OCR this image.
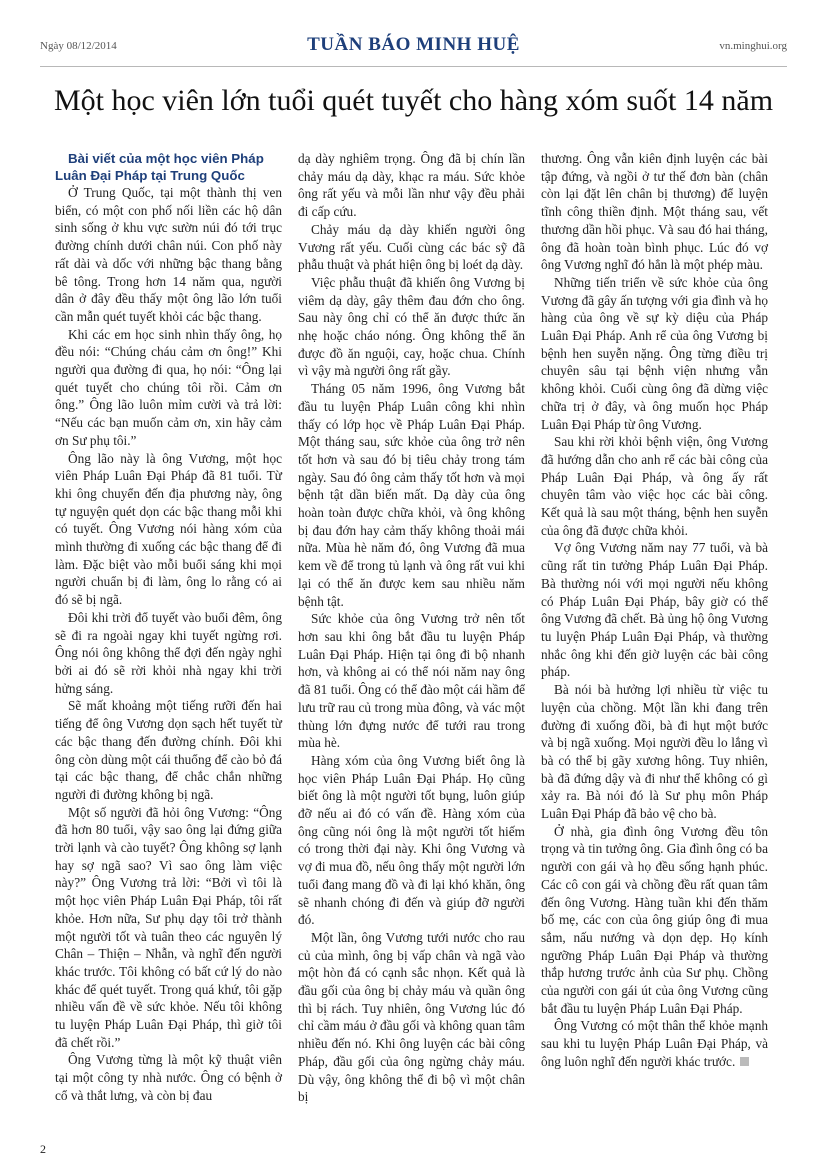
Ngày 08/12/2014	TUẦN BÁO MINH HUỆ	vn.minghui.org
Một học viên lớn tuổi quét tuyết cho hàng xóm suốt 14 năm

Bài viết của một học viên Pháp Luân Đại Pháp tại Trung Quốc

Ở Trung Quốc, tại một thành thị ven biển, có một con phố nối liền các hộ dân sinh sống ở khu vực sườn núi đó tới trục đường chính dưới chân núi. Con phố này rất dài và dốc với những bậc thang bằng bê tông. Trong hơn 14 năm qua, người dân ở đây đều thấy một ông lão lớn tuổi cần mẫn quét tuyết khỏi các bậc thang.

Khi các em học sinh nhìn thấy ông, họ đều nói: “Chúng cháu cảm ơn ông!” Khi người qua đường đi qua, họ nói: “Ông lại quét tuyết cho chúng tôi rồi. Cảm ơn ông.” Ông lão luôn mỉm cười và trả lời: “Nếu các bạn muốn cảm ơn, xin hãy cảm ơn Sư phụ tôi.”

Ông lão này là ông Vương, một học viên Pháp Luân Đại Pháp đã 81 tuổi. Từ khi ông chuyển đến địa phương này, ông tự nguyện quét dọn các bậc thang mỗi khi có tuyết. Ông Vương nói hàng xóm của mình thường đi xuống các bậc thang để đi làm. Đặc biệt vào mỗi buổi sáng khi mọi người chuẩn bị đi làm, ông lo rằng có ai đó sẽ bị ngã.

Đôi khi trời đổ tuyết vào buổi đêm, ông sẽ đi ra ngoài ngay khi tuyết ngừng rơi. Ông nói ông không thể đợi đến ngày nghỉ bởi ai đó sẽ rời khỏi nhà ngay khi trời hửng sáng.

Sẽ mất khoảng một tiếng rưỡi đến hai tiếng để ông Vương dọn sạch hết tuyết từ các bậc thang đến đường chính. Đôi khi ông còn dùng một cái thuổng để cào bỏ đá tại các bậc thang, để chắc chắn những người đi đường không bị ngã.

Một số người đã hỏi ông Vương: “Ông đã hơn 80 tuổi, vậy sao ông lại đứng giữa trời lạnh và cào tuyết? Ông không sợ lạnh hay sợ ngã sao? Vì sao ông làm việc này?” Ông Vương trả lời: “Bởi vì tôi là một học viên Pháp Luân Đại Pháp, tôi rất khỏe. Hơn nữa, Sư phụ dạy tôi trở thành một người tốt và tuân theo các nguyên lý Chân – Thiện – Nhẫn, và nghĩ đến người khác trước. Tôi không có bất cứ lý do nào khác để quét tuyết. Trong quá khứ, tôi gặp nhiều vấn đề về sức khỏe. Nếu tôi không tu luyện Pháp Luân Đại Pháp, thì giờ tôi đã chết rồi.”

Ông Vương từng là một kỹ thuật viên tại một công ty nhà nước. Ông có bệnh ở cổ và thắt lưng, và còn bị đau

dạ dày nghiêm trọng. Ông đã bị chín lần chảy máu dạ dày, khạc ra máu. Sức khỏe ông rất yếu và mỗi lần như vậy đều phải đi cấp cứu.

Chảy máu dạ dày khiến người ông Vương rất yếu. Cuối cùng các bác sỹ đã phẫu thuật và phát hiện ông bị loét dạ dày.

Việc phẫu thuật đã khiến ông Vương bị viêm dạ dày, gây thêm đau đớn cho ông. Sau này ông chỉ có thể ăn được thức ăn nhẹ hoặc cháo nóng. Ông không thể ăn được đồ ăn nguội, cay, hoặc chua. Chính vì vậy mà người ông rất gầy.

Tháng 05 năm 1996, ông Vương bắt đầu tu luyện Pháp Luân công khi nhìn thấy có lớp học về Pháp Luân Đại Pháp. Một tháng sau, sức khỏe của ông trở nên tốt hơn và sau đó bị tiêu chảy trong tám ngày. Sau đó ông cảm thấy tốt hơn và mọi bệnh tật dần biến mất. Dạ dày của ông hoàn toàn được chữa khỏi, và ông không bị đau đớn hay cảm thấy không thoải mái nữa. Mùa hè năm đó, ông Vương đã mua kem về để trong tủ lạnh và ông rất vui khi lại có thể ăn được kem sau nhiều năm bệnh tật.

Sức khỏe của ông Vương trở nên tốt hơn sau khi ông bắt đầu tu luyện Pháp Luân Đại Pháp. Hiện tại ông đi bộ nhanh hơn, và không ai có thể nói năm nay ông đã 81 tuổi. Ông có thể đào một cái hầm để lưu trữ rau củ trong mùa đông, và vác một thùng lớn đựng nước để tưới rau trong mùa hè.

Hàng xóm của ông Vương biết ông là học viên Pháp Luân Đại Pháp. Họ cũng biết ông là một người tốt bụng, luôn giúp đỡ nếu ai đó có vấn đề. Hàng xóm của ông cũng nói ông là một người tốt hiếm có trong thời đại này. Khi ông Vương và vợ đi mua đồ, nếu ông thấy một người lớn tuổi đang mang đồ và đi lại khó khăn, ông sẽ nhanh chóng đi đến và giúp đỡ người đó.

Một lần, ông Vương tưới nước cho rau củ của mình, ông bị vấp chân và ngã vào một hòn đá có cạnh sắc nhọn. Kết quả là đầu gối của ông bị chảy máu và quần ông thì bị rách. Tuy nhiên, ông Vương lúc đó chỉ cầm máu ở đầu gối và không quan tâm nhiều đến nó. Khi ông luyện các bài công Pháp, đầu gối của ông ngừng chảy máu. Dù vậy, ông không thể đi bộ vì một chân bị

thương. Ông vẫn kiên định luyện các bài tập đứng, và ngồi ở tư thế đơn bàn (chân còn lại đặt lên chân bị thương) để luyện tĩnh công thiền định. Một tháng sau, vết thương dần hồi phục. Và sau đó hai tháng, ông đã hoàn toàn bình phục. Lúc đó vợ ông Vương nghĩ đó hẳn là một phép màu.

Những tiến triển về sức khỏe của ông Vương đã gây ấn tượng với gia đình và họ hàng của ông về sự kỳ diệu của Pháp Luân Đại Pháp. Anh rể của ông Vương bị bệnh hen suyễn nặng. Ông từng điều trị chuyên sâu tại bệnh viện nhưng vẫn không khỏi. Cuối cùng ông đã dừng việc chữa trị ở đây, và ông muốn học Pháp Luân Đại Pháp từ ông Vương.

Sau khi rời khỏi bệnh viện, ông Vương đã hướng dẫn cho anh rể các bài công của Pháp Luân Đại Pháp, và ông ấy rất chuyên tâm vào việc học các bài công. Kết quả là sau một tháng, bệnh hen suyễn của ông đã được chữa khỏi.

Vợ ông Vương năm nay 77 tuổi, và bà cũng rất tin tưởng Pháp Luân Đại Pháp. Bà thường nói với mọi người nếu không có Pháp Luân Đại Pháp, bây giờ có thể ông Vương đã chết. Bà ủng hộ ông Vương tu luyện Pháp Luân Đại Pháp, và thường nhắc ông khi đến giờ luyện các bài công pháp.

Bà nói bà hưởng lợi nhiều từ việc tu luyện của chồng. Một lần khi đang trên đường đi xuống đồi, bà đi hụt một bước và bị ngã xuống. Mọi người đều lo lắng vì bà có thể bị gãy xương hông. Tuy nhiên, bà đã đứng dậy và đi như thể không có gì xảy ra. Bà nói đó là Sư phụ môn Pháp Luân Đại Pháp đã bảo vệ cho bà.

Ở nhà, gia đình ông Vương đều tôn trọng và tin tưởng ông. Gia đình ông có ba người con gái và họ đều sống hạnh phúc. Các cô con gái và chồng đều rất quan tâm đến ông Vương. Hàng tuần khi đến thăm bố mẹ, các con của ông giúp ông đi mua sắm, nấu nướng và dọn dẹp. Họ kính ngưỡng Pháp Luân Đại Pháp và thường thắp hương trước ảnh của Sư phụ. Chồng của người con gái út của ông Vương cũng bắt đầu tu luyện Pháp Luân Đại Pháp.

Ông Vương có một thân thể khỏe mạnh sau khi tu luyện Pháp Luân Đại Pháp, và ông luôn nghĩ đến người khác trước.

2
